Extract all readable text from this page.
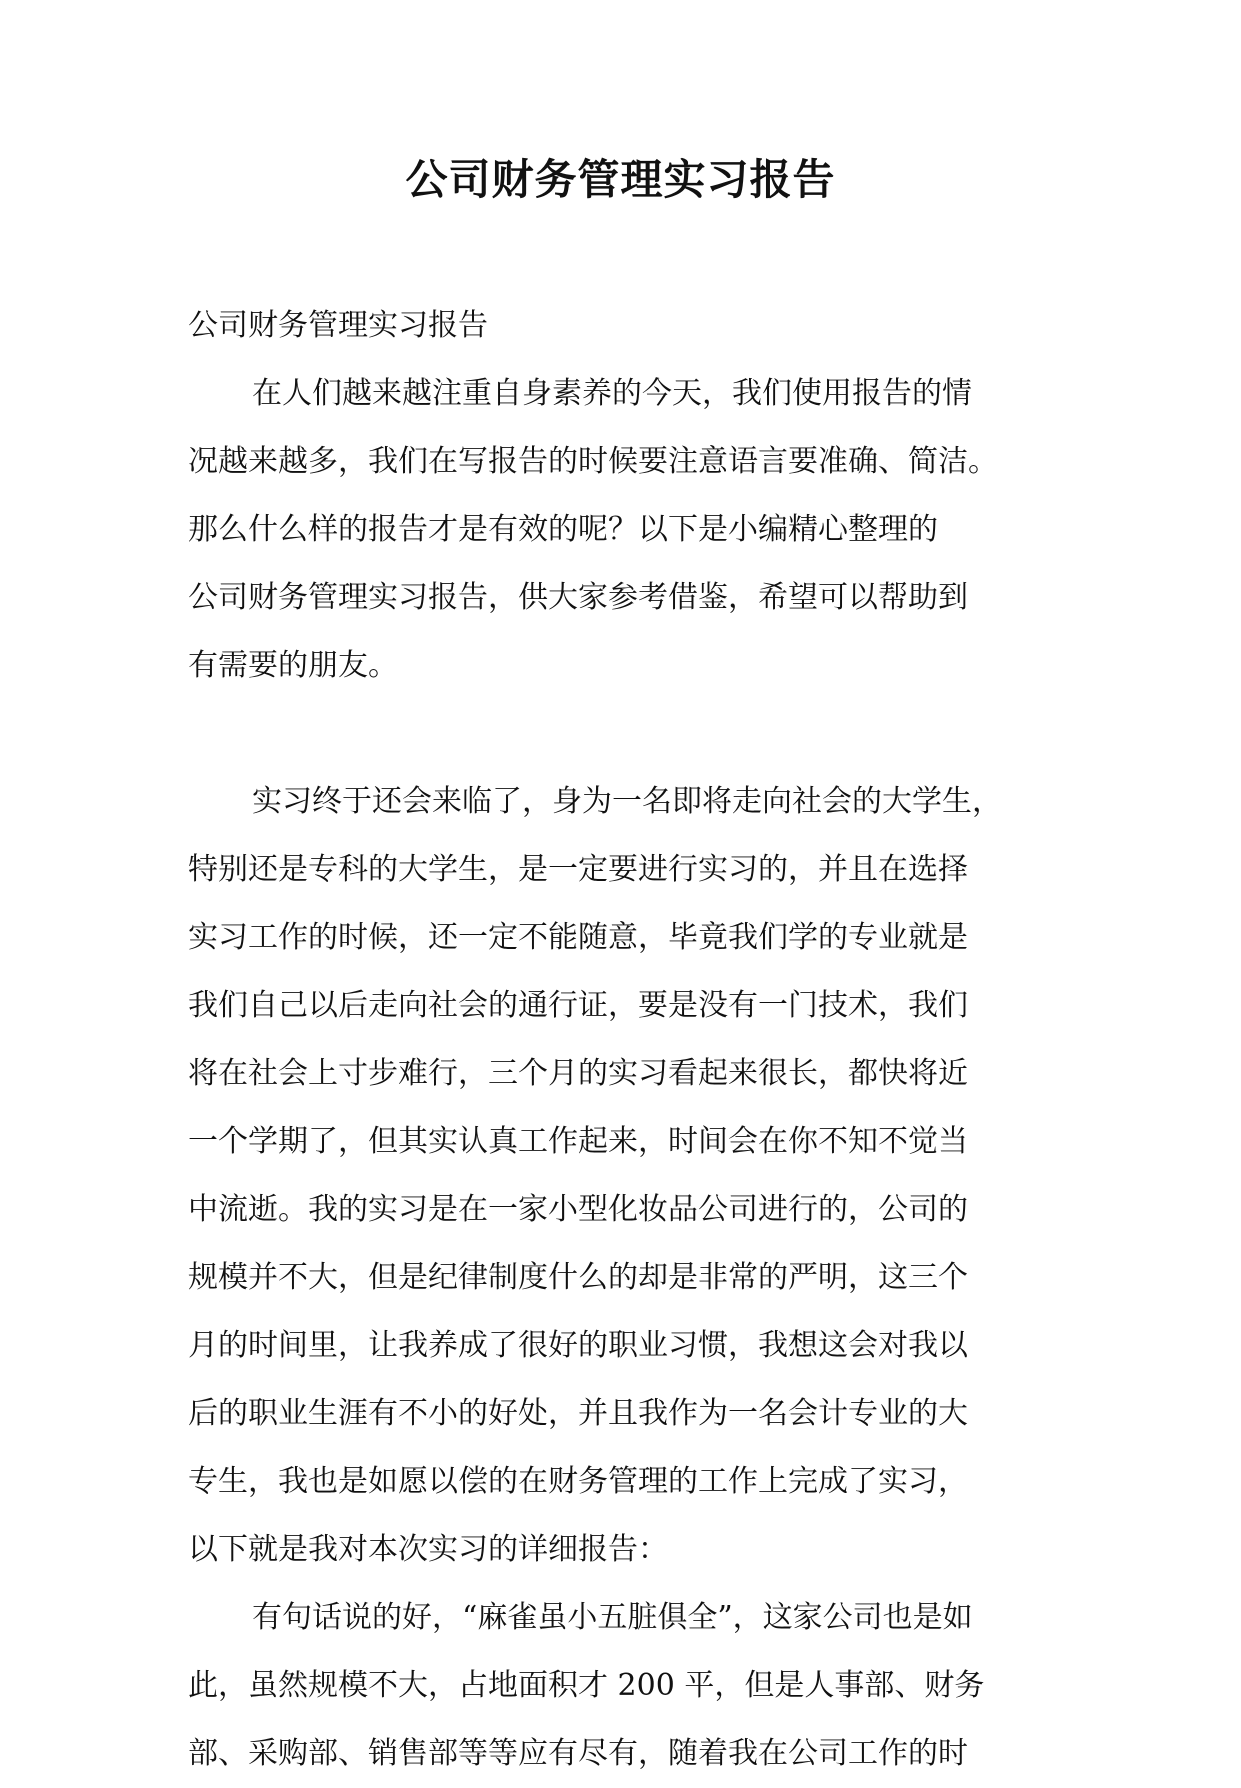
公司财务管理实习报告

公司财务管理实习报告

在人们越来越注重自身素养的今天，我们使用报告的情

况越来越多，我们在写报告的时候要注意语言要准确、简洁。

那么什么样的报告才是有效的呢？以下是小编精心整理的

公司财务管理实习报告，供大家参考借鉴，希望可以帮助到

有需要的朋友。

实习终于还会来临了，身为一名即将走向社会的大学生，

特别还是专科的大学生，是一定要进行实习的，并且在选择

实习工作的时候，还一定不能随意，毕竟我们学的专业就是

我们自己以后走向社会的通行证，要是没有一门技术，我们

将在社会上寸步难行，三个月的实习看起来很长，都快将近

一个学期了，但其实认真工作起来，时间会在你不知不觉当

中流逝。我的实习是在一家小型化妆品公司进行的，公司的

规模并不大，但是纪律制度什么的却是非常的严明，这三个

月的时间里，让我养成了很好的职业习惯，我想这会对我以

后的职业生涯有不小的好处，并且我作为一名会计专业的大

专生，我也是如愿以偿的在财务管理的工作上完成了实习，

以下就是我对本次实习的详细报告：

有句话说的好，“麻雀虽小五脏俱全”，这家公司也是如

此，虽然规模不大，占地面积才 200 平，但是人事部、财务

部、采购部、销售部等等应有尽有，随着我在公司工作的时
